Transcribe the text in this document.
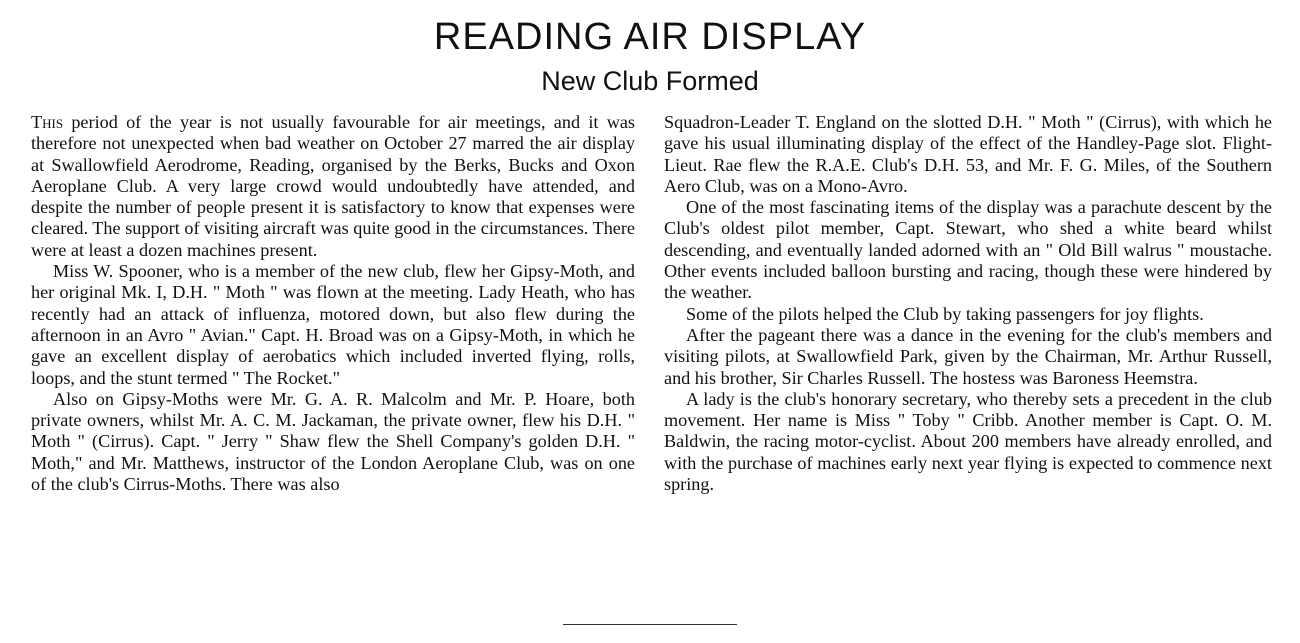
READING AIR DISPLAY
New Club Formed

This period of the year is not usually favourable for air meetings, and it was therefore not unexpected when bad weather on October 27 marred the air display at Swallowfield Aerodrome, Reading, organised by the Berks, Bucks and Oxon Aeroplane Club. A very large crowd would undoubtedly have attended, and despite the number of people present it is satisfactory to know that expenses were cleared. The support of visiting aircraft was quite good in the circumstances. There were at least a dozen machines present.

Miss W. Spooner, who is a member of the new club, flew her Gipsy-Moth, and her original Mk. I, D.H. " Moth " was flown at the meeting. Lady Heath, who has recently had an attack of influenza, motored down, but also flew during the afternoon in an Avro " Avian." Capt. H. Broad was on a Gipsy-Moth, in which he gave an excellent display of aerobatics which included inverted flying, rolls, loops, and the stunt termed " The Rocket."

Also on Gipsy-Moths were Mr. G. A. R. Malcolm and Mr. P. Hoare, both private owners, whilst Mr. A. C. M. Jackaman, the private owner, flew his D.H. " Moth " (Cirrus). Capt. " Jerry " Shaw flew the Shell Company's golden D.H. " Moth," and Mr. Matthews, instructor of the London Aeroplane Club, was on one of the club's Cirrus-Moths. There was also

Squadron-Leader T. England on the slotted D.H. " Moth " (Cirrus), with which he gave his usual illuminating display of the effect of the Handley-Page slot. Flight-Lieut. Rae flew the R.A.E. Club's D.H. 53, and Mr. F. G. Miles, of the Southern Aero Club, was on a Mono-Avro.

One of the most fascinating items of the display was a parachute descent by the Club's oldest pilot member, Capt. Stewart, who shed a white beard whilst descending, and eventually landed adorned with an " Old Bill walrus " moustache. Other events included balloon bursting and racing, though these were hindered by the weather.

Some of the pilots helped the Club by taking passengers for joy flights.

After the pageant there was a dance in the evening for the club's members and visiting pilots, at Swallowfield Park, given by the Chairman, Mr. Arthur Russell, and his brother, Sir Charles Russell. The hostess was Baroness Heemstra.

A lady is the club's honorary secretary, who thereby sets a precedent in the club movement. Her name is Miss " Toby " Cribb. Another member is Capt. O. M. Baldwin, the racing motor-cyclist. About 200 members have already enrolled, and with the purchase of machines early next year flying is expected to commence next spring.
